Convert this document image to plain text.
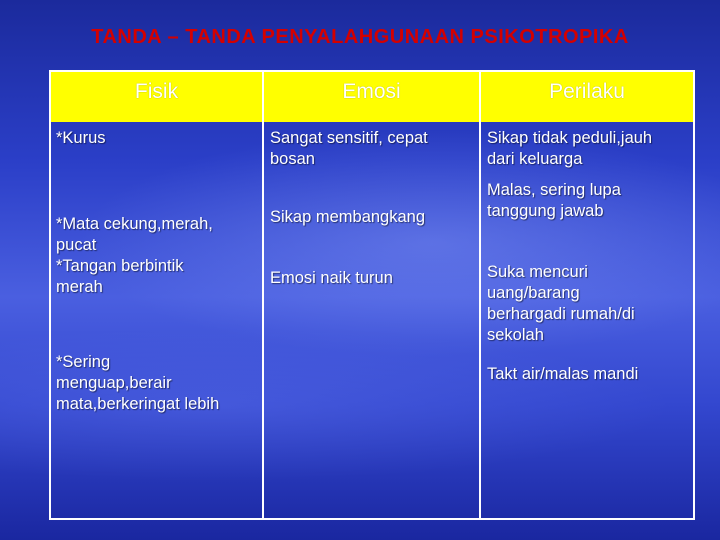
TANDA – TANDA PENYALAHGUNAAN PSIKOTROPIKA
Fisik	Emosi	Perilaku
*Kurus
*Mata cekung,merah,
pucat
*Tangan berbintik
merah
*Sering
menguap,berair
mata,berkeringat lebih
Sangat sensitif, cepat
bosan
Sikap membangkang
Emosi naik turun
Sikap tidak peduli,jauh
dari keluarga
Malas, sering lupa
tanggung jawab
Suka mencuri
uang/barang
berhargadi rumah/di
sekolah
Takt air/malas mandi
